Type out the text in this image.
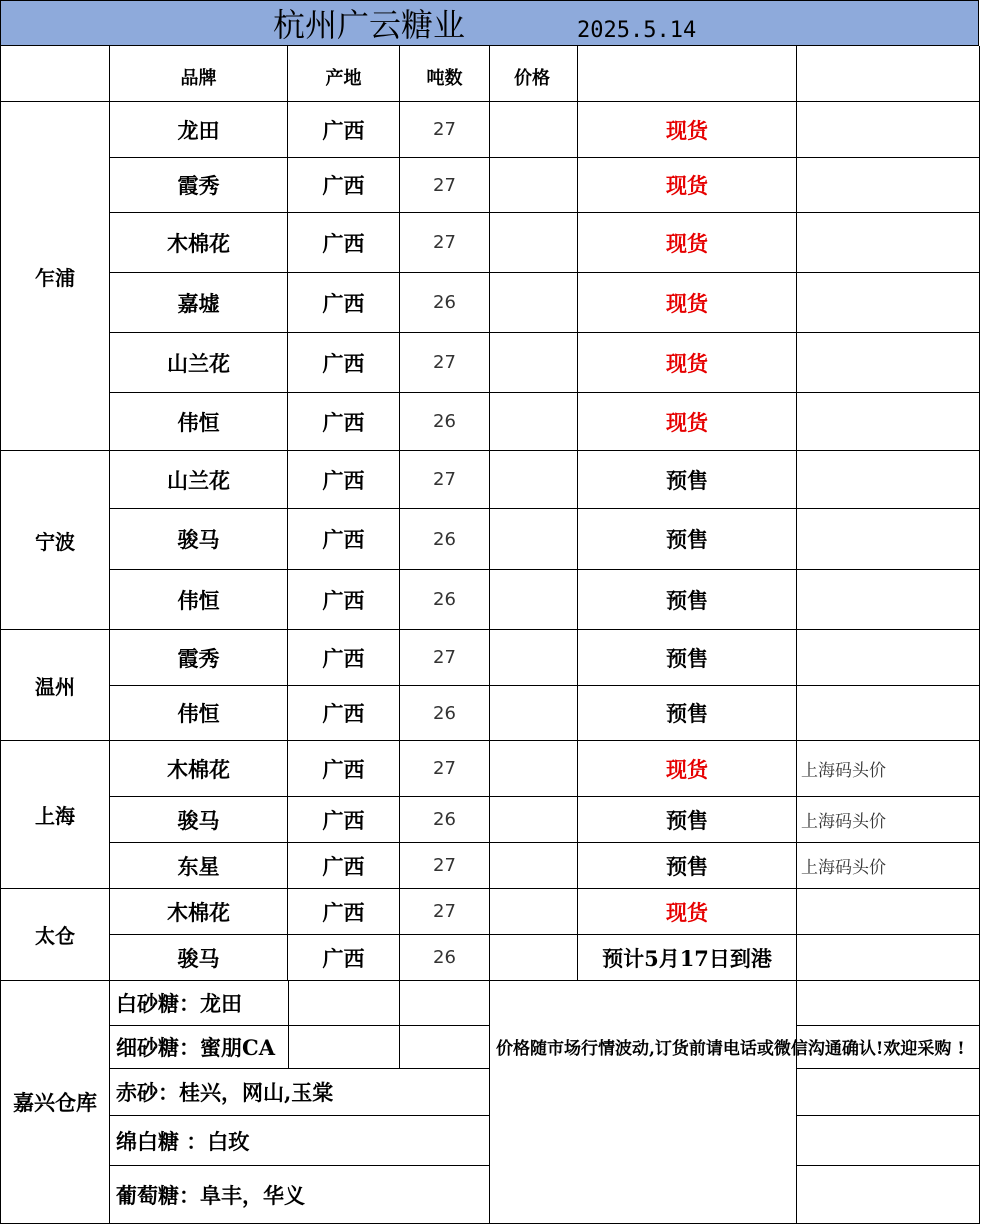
杭州广云糖业	2025.5.14
品牌	产地	吨数	价格
乍浦
龙田	广西	27	现货
霞秀	广西	27	现货
木棉花	广西	27	现货
嘉墟	广西	26	现货
山兰花	广西	27	现货
伟恒	广西	26	现货
宁波
山兰花	广西	27	预售
骏马	广西	26	预售
伟恒	广西	26	预售
温州
霞秀	广西	27	预售
伟恒	广西	26	预售
上海
木棉花	广西	27	现货	上海码头价
骏马	广西	26	预售	上海码头价
东星	广西	27	预售	上海码头价
太仓
木棉花	广西	27	现货
骏马	广西	26	预计5月17日到港
嘉兴仓库
白砂糖：龙田
细砂糖：蜜朋CA
赤砂：桂兴，网山,玉棠
绵白糖 ：白玫
葡萄糖：阜丰，华义
价格随市场行情波动, 订货前请电话或微信沟通确认! 欢迎采购 !
